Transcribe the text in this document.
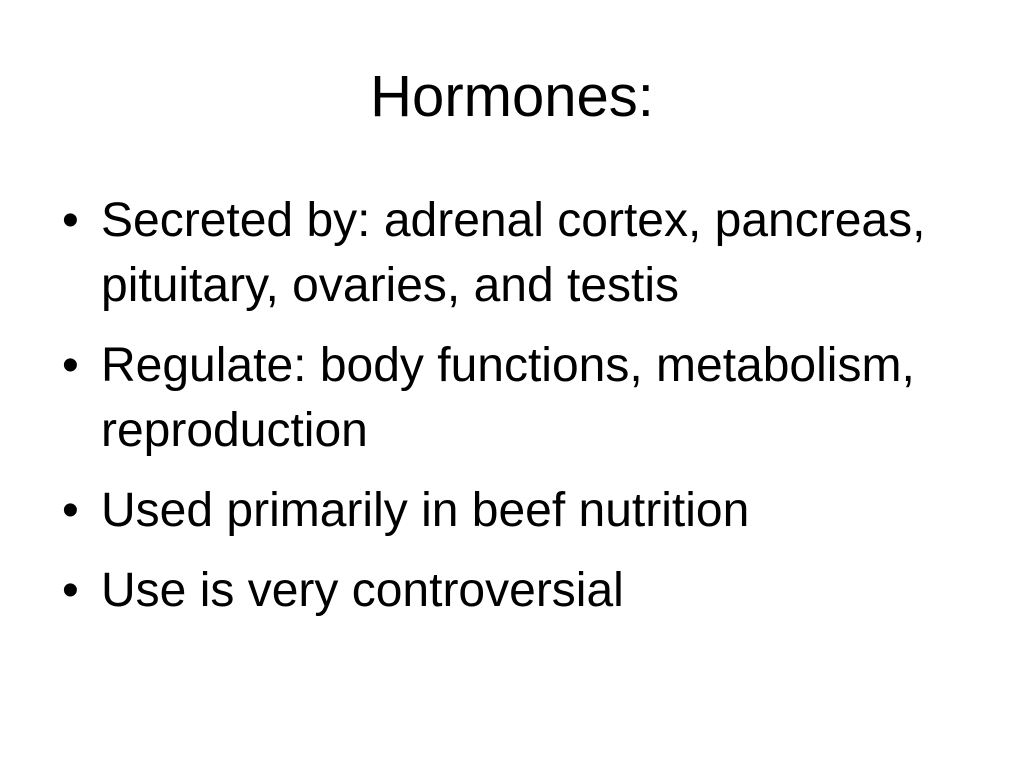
Hormones:
• Secreted by: adrenal cortex, pancreas, pituitary, ovaries, and testis
• Regulate: body functions, metabolism, reproduction
• Used primarily in beef nutrition
• Use is very controversial
